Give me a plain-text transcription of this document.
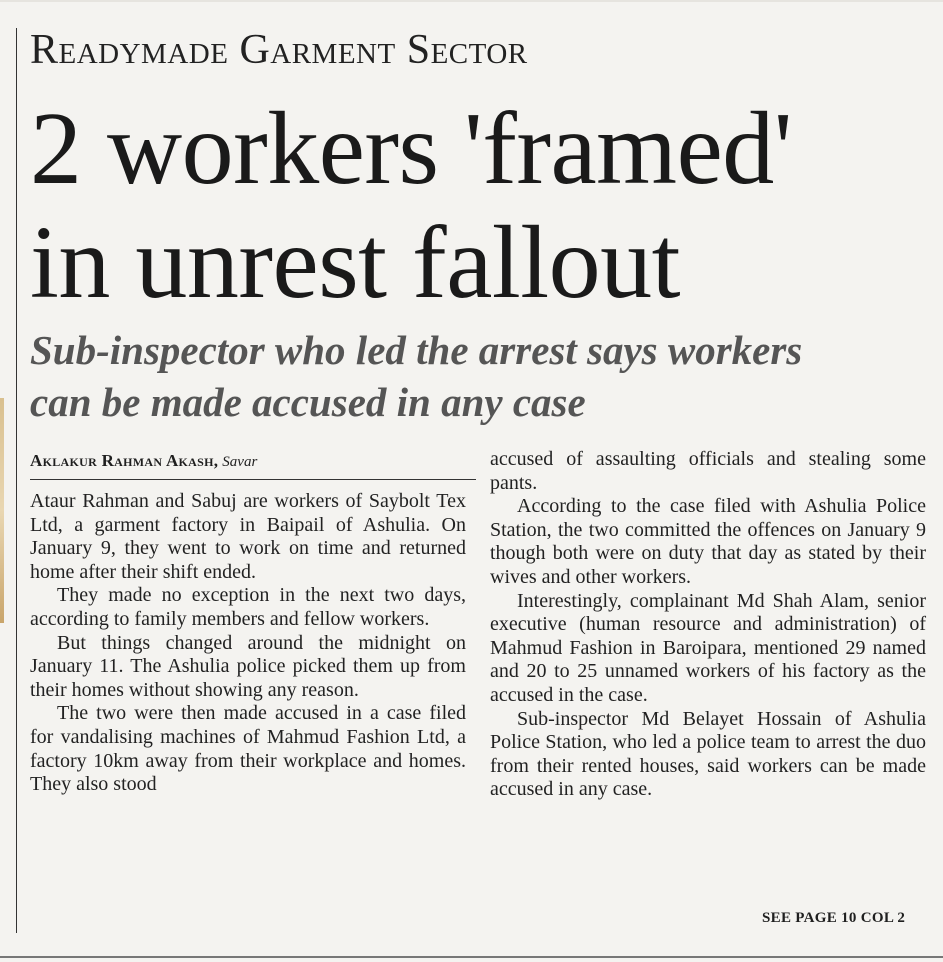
Readymade Garment Sector
2 workers 'framed'
in unrest fallout
Sub-inspector who led the arrest says workers
can be made accused in any case
Aklakur Rahman Akash, Savar

Ataur Rahman and Sabuj are workers of Saybolt Tex Ltd, a garment factory in Baipail of Ashulia. On January 9, they went to work on time and returned home after their shift ended.

They made no exception in the next two days, according to family members and fellow workers.

But things changed around the midnight on January 11. The Ashulia police picked them up from their homes without showing any reason.

The two were then made accused in a case filed for vandalising machines of Mahmud Fashion Ltd, a factory 10km away from their workplace and homes. They also stood

accused of assaulting officials and stealing some pants.

According to the case filed with Ashulia Police Station, the two committed the offences on January 9 though both were on duty that day as stated by their wives and other workers.

Interestingly, complainant Md Shah Alam, senior executive (human resource and administration) of Mahmud Fashion in Baroipara, mentioned 29 named and 20 to 25 unnamed workers of his factory as the accused in the case.

Sub-inspector Md Belayet Hossain of Ashulia Police Station, who led a police team to arrest the duo from their rented houses, said workers can be made accused in any case.

SEE PAGE 10 COL 2
